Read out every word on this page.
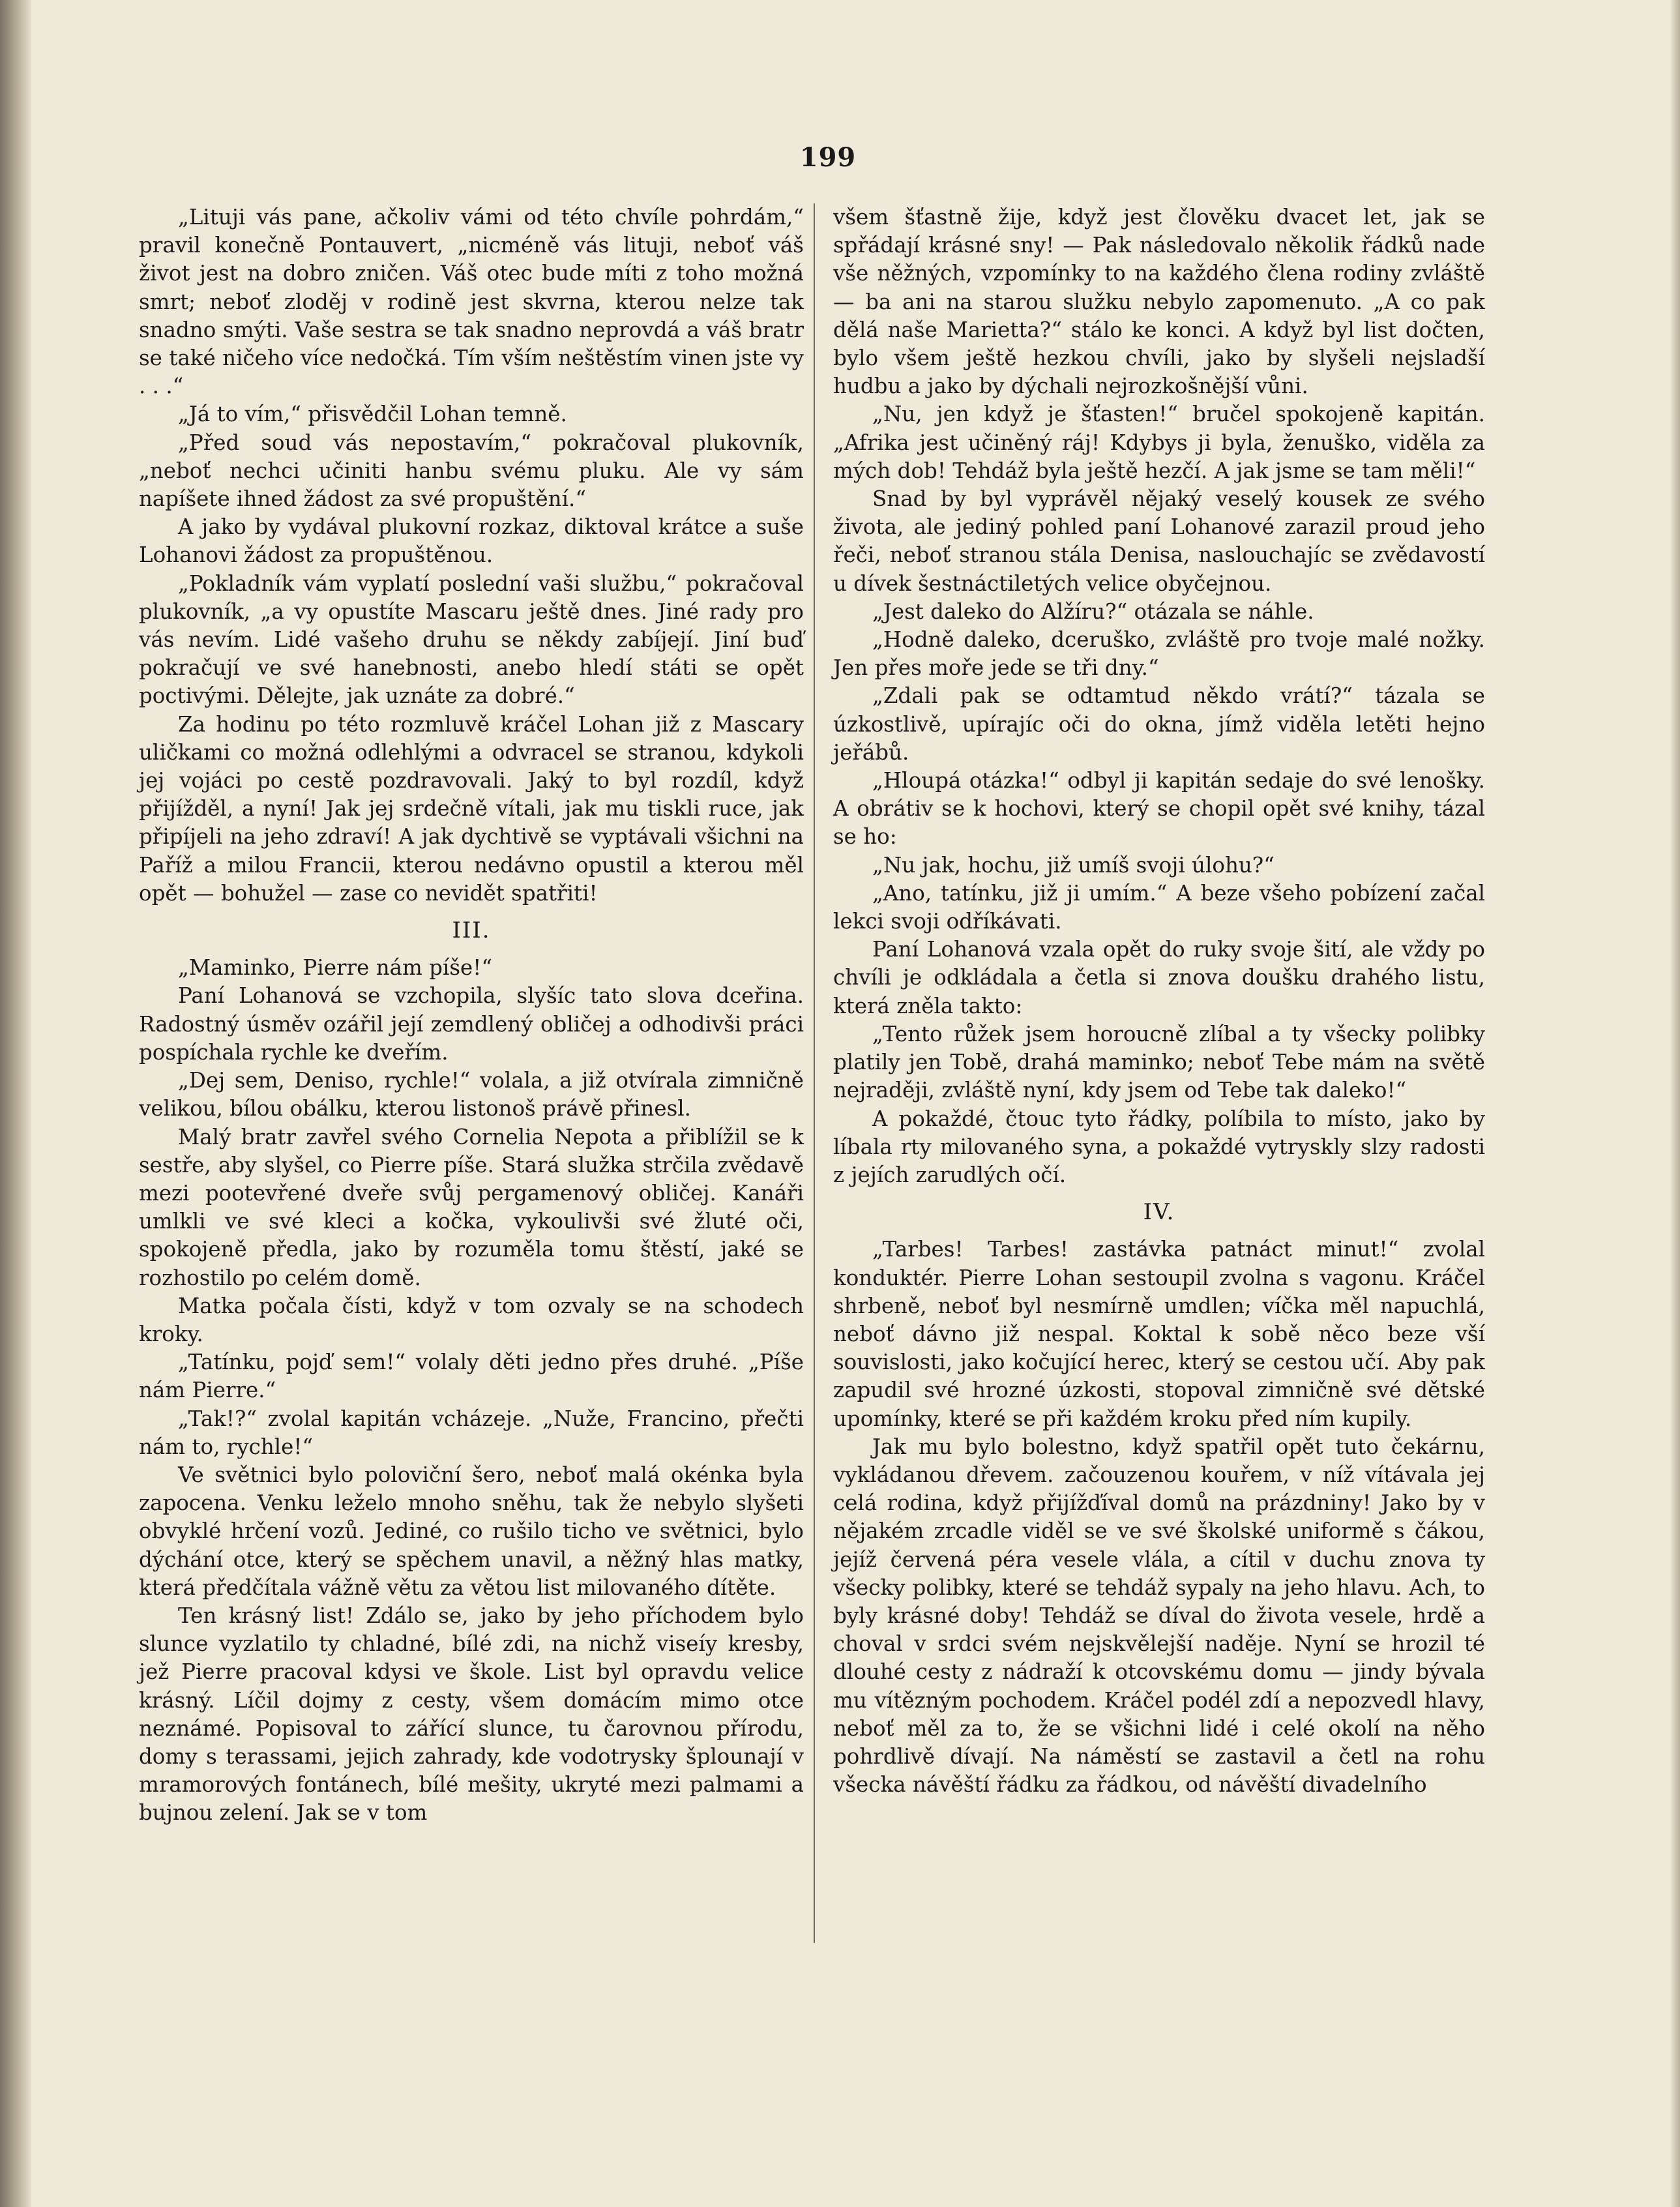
199

„Lituji vás pane, ačkoliv vámi od této chvíle pohrdám,“ pravil konečně Pontauvert, „nicméně vás lituji, neboť váš život jest na dobro zničen. Váš otec bude míti z toho možná smrt; neboť zloděj v rodině jest skvrna, kterou nelze tak snadno smýti. Vaše sestra se tak snadno neprovdá a váš bratr se také ničeho více nedočká. Tím vším neštěstím vinen jste vy . . .“

„Já to vím,“ přisvědčil Lohan temně.

„Před soud vás nepostavím,“ pokračoval plukovník, „neboť nechci učiniti hanbu svému pluku. Ale vy sám napíšete ihned žádost za své propuštění.“

A jako by vydával plukovní rozkaz, diktoval krátce a suše Lohanovi žádost za propuštěnou.

„Pokladník vám vyplatí poslední vaši službu,“ pokračoval plukovník, „a vy opustíte Mascaru ještě dnes. Jiné rady pro vás nevím. Lidé vašeho druhu se někdy zabíjejí. Jiní buď pokračují ve své hanebnosti, anebo hledí státi se opět poctivými. Dělejte, jak uznáte za dobré.“

Za hodinu po této rozmluvě kráčel Lohan již z Mascary uličkami co možná odlehlými a odvracel se stranou, kdykoli jej vojáci po cestě pozdravovali. Jaký to byl rozdíl, když přijížděl, a nyní! Jak jej srdečně vítali, jak mu tiskli ruce, jak připíjeli na jeho zdraví! A jak dychtivě se vyptávali všichni na Paříž a milou Francii, kterou nedávno opustil a kterou měl opět — bohužel — zase co nevidět spatřiti!

III.

„Maminko, Pierre nám píše!“

Paní Lohanová se vzchopila, slyšíc tato slova dceřina. Radostný úsměv ozářil její zemdlený obličej a odhodivši práci pospíchala rychle ke dveřím.

„Dej sem, Deniso, rychle!“ volala, a již otvírala zimničně velikou, bílou obálku, kterou listonoš právě přinesl.

Malý bratr zavřel svého Cornelia Nepota a přiblížil se k sestře, aby slyšel, co Pierre píše. Stará služka strčila zvědavě mezi pootevřené dveře svůj pergamenový obličej. Kanáři umlkli ve své kleci a kočka, vykoulivši své žluté oči, spokojeně předla, jako by rozuměla tomu štěstí, jaké se rozhostilo po celém domě.

Matka počala čísti, když v tom ozvaly se na schodech kroky.

„Tatínku, pojď sem!“ volaly děti jedno přes druhé. „Píše nám Pierre.“

„Tak!?“ zvolal kapitán vcházeje. „Nuže, Francino, přečti nám to, rychle!“

Ve světnici bylo poloviční šero, neboť malá okénka byla zapocena. Venku leželo mnoho sněhu, tak že nebylo slyšeti obvyklé hrčení vozů. Jediné, co rušilo ticho ve světnici, bylo dýchání otce, který se spěchem unavil, a něžný hlas matky, která předčítala vážně větu za větou list milovaného dítěte.

Ten krásný list! Zdálo se, jako by jeho příchodem bylo slunce vyzlatilo ty chladné, bílé zdi, na nichž viseíy kresby, jež Pierre pracoval kdysi ve škole. List byl opravdu velice krásný. Líčil dojmy z cesty, všem domácím mimo otce neznámé. Popisoval to zářící slunce, tu čarovnou přírodu, domy s terassami, jejich zahrady, kde vodotrysky šplounají v mramorových fontánech, bílé mešity, ukryté mezi palmami a bujnou zelení. Jak se v tom

všem šťastně žije, když jest člověku dvacet let, jak se spřádají krásné sny! — Pak následovalo několik řádků nade vše něžných, vzpomínky to na každého člena rodiny zvláště — ba ani na starou služku nebylo zapomenuto. „A co pak dělá naše Marietta?“ stálo ke konci. A když byl list dočten, bylo všem ještě hezkou chvíli, jako by slyšeli nejsladší hudbu a jako by dýchali nejrozkošnější vůni.

„Nu, jen když je šťasten!“ bručel spokojeně kapitán. „Afrika jest učiněný ráj! Kdybys ji byla, ženuško, viděla za mých dob! Tehdáž byla ještě hezčí. A jak jsme se tam měli!“

Snad by byl vyprávěl nějaký veselý kousek ze svého života, ale jediný pohled paní Lohanové zarazil proud jeho řeči, neboť stranou stála Denisa, naslouchajíc se zvědavostí u dívek šestnáctiletých velice obyčejnou.

„Jest daleko do Alžíru?“ otázala se náhle.

„Hodně daleko, dceruško, zvláště pro tvoje malé nožky. Jen přes moře jede se tři dny.“

„Zdali pak se odtamtud někdo vrátí?“ tázala se úzkostlivě, upírajíc oči do okna, jímž viděla letěti hejno jeřábů.

„Hloupá otázka!“ odbyl ji kapitán sedaje do své lenošky. A obrátiv se k hochovi, který se chopil opět své knihy, tázal se ho:

„Nu jak, hochu, již umíš svoji úlohu?“

„Ano, tatínku, již ji umím.“ A beze všeho pobízení začal lekci svoji odříkávati.

Paní Lohanová vzala opět do ruky svoje šití, ale vždy po chvíli je odkládala a četla si znova doušku drahého listu, která zněla takto:

„Tento růžek jsem horoucně zlíbal a ty všecky polibky platily jen Tobě, drahá maminko; neboť Tebe mám na světě nejraději, zvláště nyní, kdy jsem od Tebe tak daleko!“

A pokaždé, čtouc tyto řádky, políbila to místo, jako by líbala rty milovaného syna, a pokaždé vytryskly slzy radosti z jejích zarudlých očí.

IV.

„Tarbes! Tarbes! zastávka patnáct minut!“ zvolal konduktér. Pierre Lohan sestoupil zvolna s vagonu. Kráčel shrbeně, neboť byl nesmírně umdlen; víčka měl napuchlá, neboť dávno již nespal. Koktal k sobě něco beze vší souvislosti, jako kočující herec, který se cestou učí. Aby pak zapudil své hrozné úzkosti, stopoval zimničně své dětské upomínky, které se při každém kroku před ním kupily.

Jak mu bylo bolestno, když spatřil opět tuto čekárnu, vykládanou dřevem. začouzenou kouřem, v níž vítávala jej celá rodina, když přijížďíval domů na prázdniny! Jako by v nějakém zrcadle viděl se ve své školské uniformě s čákou, jejíž červená péra vesele vlála, a cítil v duchu znova ty všecky polibky, které se tehdáž sypaly na jeho hlavu. Ach, to byly krásné doby! Tehdáž se díval do života vesele, hrdě a choval v srdci svém nejskvělejší naděje. Nyní se hrozil té dlouhé cesty z nádraží k otcovskému domu — jindy bývala mu vítězným pochodem. Kráčel podél zdí a nepozvedl hlavy, neboť měl za to, že se všichni lidé i celé okolí na něho pohrdlivě dívají. Na náměstí se zastavil a četl na rohu všecka návěští řádku za řádkou, od návěští divadelního
